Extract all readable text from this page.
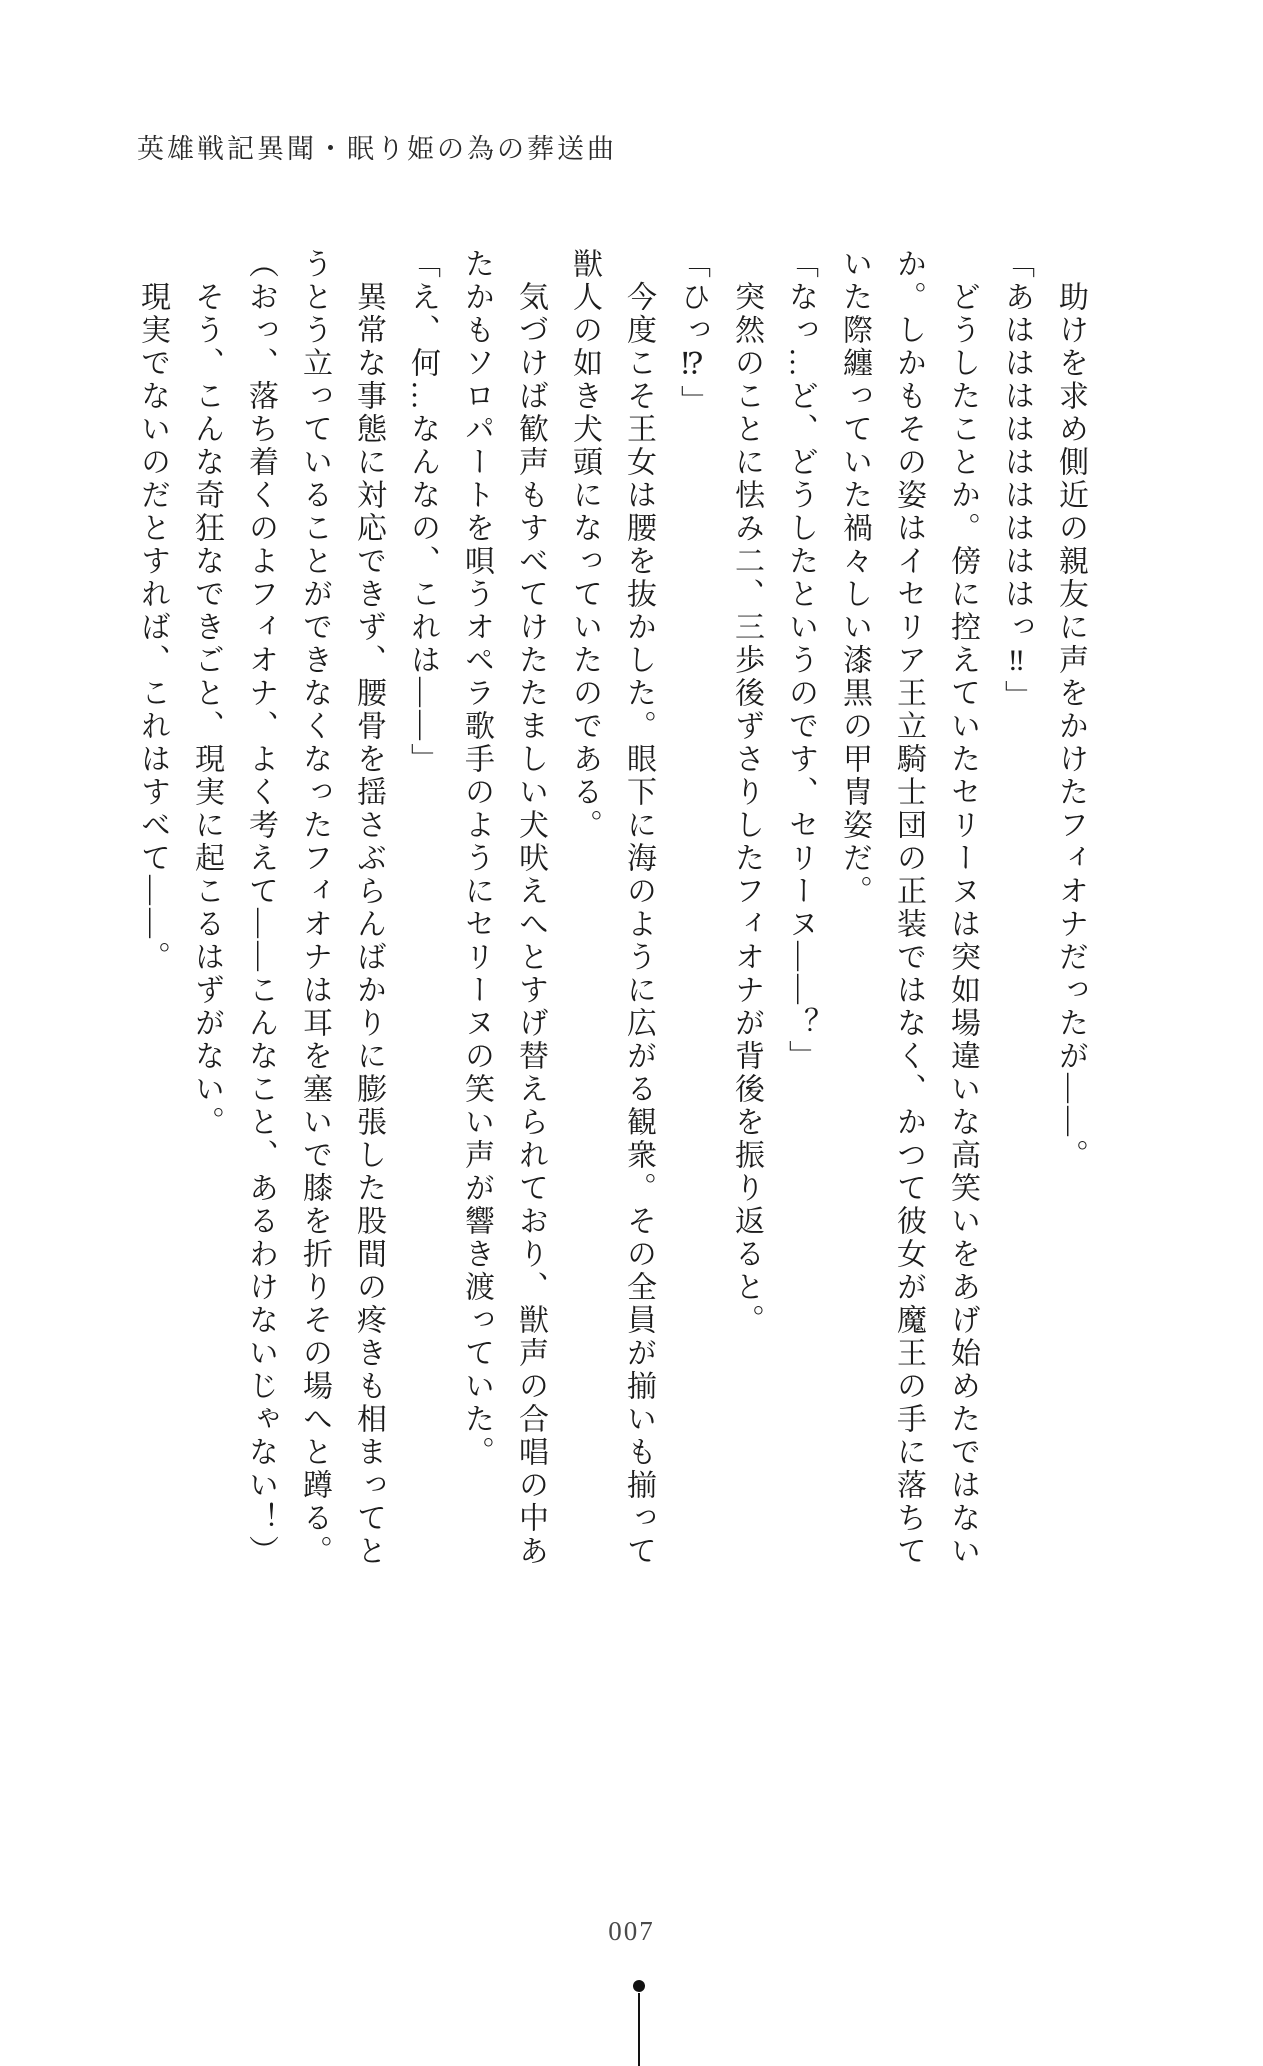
英雄戦記異聞・眠り姫の為の葬送曲

助けを求め側近の親友に声をかけたフィオナだったが――。

「あはははははははははっ‼」

どうしたことか。傍に控えていたセリーヌは突如場違いな高笑いをあげ始めたではない

か。しかもその姿はイセリア王立騎士団の正装ではなく、かつて彼女が魔王の手に落ちて

いた際纏っていた禍々しい漆黒の甲冑姿だ。

「なっ…ど、どうしたというのです、セリーヌ――？」

突然のことに怯み二、三歩後ずさりしたフィオナが背後を振り返ると。

「ひっ⁉」

今度こそ王女は腰を抜かした。眼下に海のように広がる観衆。その全員が揃いも揃って

獣人の如き犬頭になっていたのである。

気づけば歓声もすべてけたたましい犬吠えへとすげ替えられており、獣声の合唱の中あ

たかもソロパートを唄うオペラ歌手のようにセリーヌの笑い声が響き渡っていた。

「え、何…なんなの、これは――」

異常な事態に対応できず、腰骨を揺さぶらんばかりに膨張した股間の疼きも相まってと

うとう立っていることができなくなったフィオナは耳を塞いで膝を折りその場へと蹲る。

（おっ、落ち着くのよフィオナ、よく考えて――こんなこと、あるわけないじゃない！）

そう、こんな奇狂なできごと、現実に起こるはずがない。

現実でないのだとすれば、これはすべて――。

007
